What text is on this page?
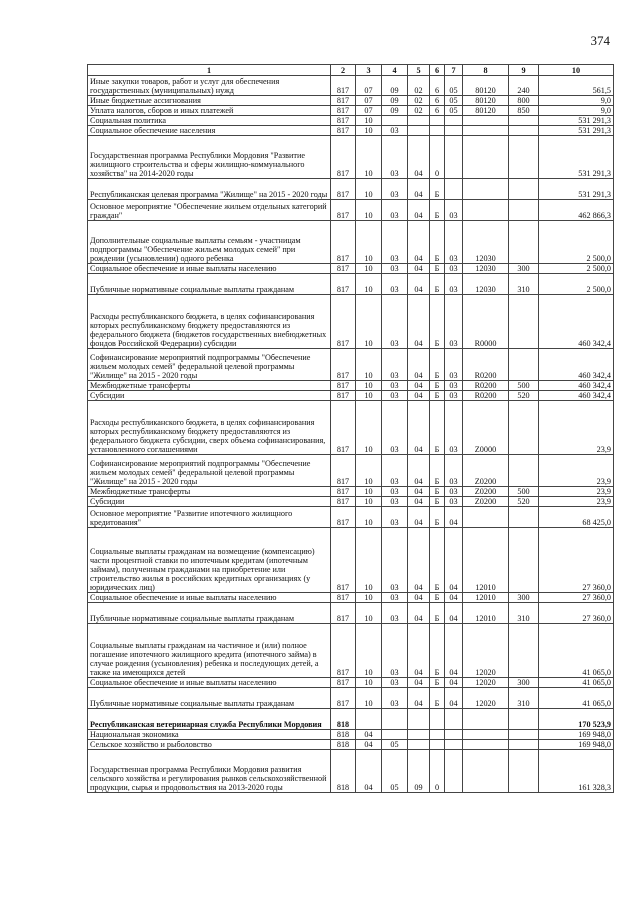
374
1	2	3	4	5	6	7	8	9	10
Иные закупки товаров, работ и услуг для обеспечения государственных (муниципальных) нужд	817	07	09	02	6	05	80120	240	561,5
Иные бюджетные ассигнования	817	07	09	02	6	05	80120	800	9,0
Уплата налогов, сборов и иных платежей	817	07	09	02	6	05	80120	850	9,0
Социальная политика	817	10							531 291,3
Социальное обеспечение населения	817	10	03						531 291,3
Государственная программа Республики Мордовия "Развитие жилищного строительства и сферы жилищно-коммунального хозяйства" на 2014-2020 годы	817	10	03	04	0				531 291,3
Республиканская целевая программа "Жилище" на 2015 - 2020 годы	817	10	03	04	Б				531 291,3
Основное мероприятие "Обеспечение жильем отдельных категорий граждан"	817	10	03	04	Б	03			462 866,3
Дополнительные социальные выплаты семьям - участницам подпрограммы "Обеспечение жильем молодых семей" при рождении (усыновлении) одного ребенка	817	10	03	04	Б	03	12030		2 500,0
Социальное обеспечение и иные выплаты населению	817	10	03	04	Б	03	12030	300	2 500,0
Публичные нормативные социальные выплаты гражданам	817	10	03	04	Б	03	12030	310	2 500,0
Расходы республиканского бюджета, в целях софинансирования которых республиканскому бюджету предоставляются из федерального бюджета (бюджетов государственных внебюджетных фондов Российской Федерации) субсидии	817	10	03	04	Б	03	R0000		460 342,4
Софинансирование мероприятий подпрограммы "Обеспечение жильем молодых семей" федеральной целевой программы "Жилище" на 2015 - 2020 годы	817	10	03	04	Б	03	R0200		460 342,4
Межбюджетные трансферты	817	10	03	04	Б	03	R0200	500	460 342,4
Субсидии	817	10	03	04	Б	03	R0200	520	460 342,4
Расходы республиканского бюджета, в целях софинансирования которых республиканскому бюджету предоставляются из федерального бюджета субсидии, сверх объема софинансирования, установленного соглашениями	817	10	03	04	Б	03	Z0000		23,9
Софинансирование мероприятий подпрограммы "Обеспечение жильем молодых семей" федеральной целевой программы "Жилище" на 2015 - 2020 годы	817	10	03	04	Б	03	Z0200		23,9
Межбюджетные трансферты	817	10	03	04	Б	03	Z0200	500	23,9
Субсидии	817	10	03	04	Б	03	Z0200	520	23,9
Основное мероприятие "Развитие ипотечного жилищного кредитования"	817	10	03	04	Б	04			68 425,0
Социальные выплаты гражданам на возмещение (компенсацию) части процентной ставки по ипотечным кредитам (ипотечным займам), полученным гражданами на приобретение или строительство жилья в российских кредитных организациях (у юридических лиц)	817	10	03	04	Б	04	12010		27 360,0
Социальное обеспечение и иные выплаты населению	817	10	03	04	Б	04	12010	300	27 360,0
Публичные нормативные социальные выплаты гражданам	817	10	03	04	Б	04	12010	310	27 360,0
Социальные выплаты гражданам на частичное и (или) полное погашение ипотечного жилищного кредита (ипотечного займа) в случае рождения (усыновления) ребенка и последующих детей, а также на имеющихся детей	817	10	03	04	Б	04	12020		41 065,0
Социальное обеспечение и иные выплаты населению	817	10	03	04	Б	04	12020	300	41 065,0
Публичные нормативные социальные выплаты гражданам	817	10	03	04	Б	04	12020	310	41 065,0
Республиканская ветеринарная служба Республики Мордовия	818								170 523,9
Национальная экономика	818	04							169 948,0
Сельское хозяйство и рыболовство	818	04	05						169 948,0
Государственная программа Республики Мордовия развития сельского хозяйства и регулирования рынков сельскохозяйственной продукции, сырья и продовольствия на 2013-2020 годы	818	04	05	09	0				161 328,3
